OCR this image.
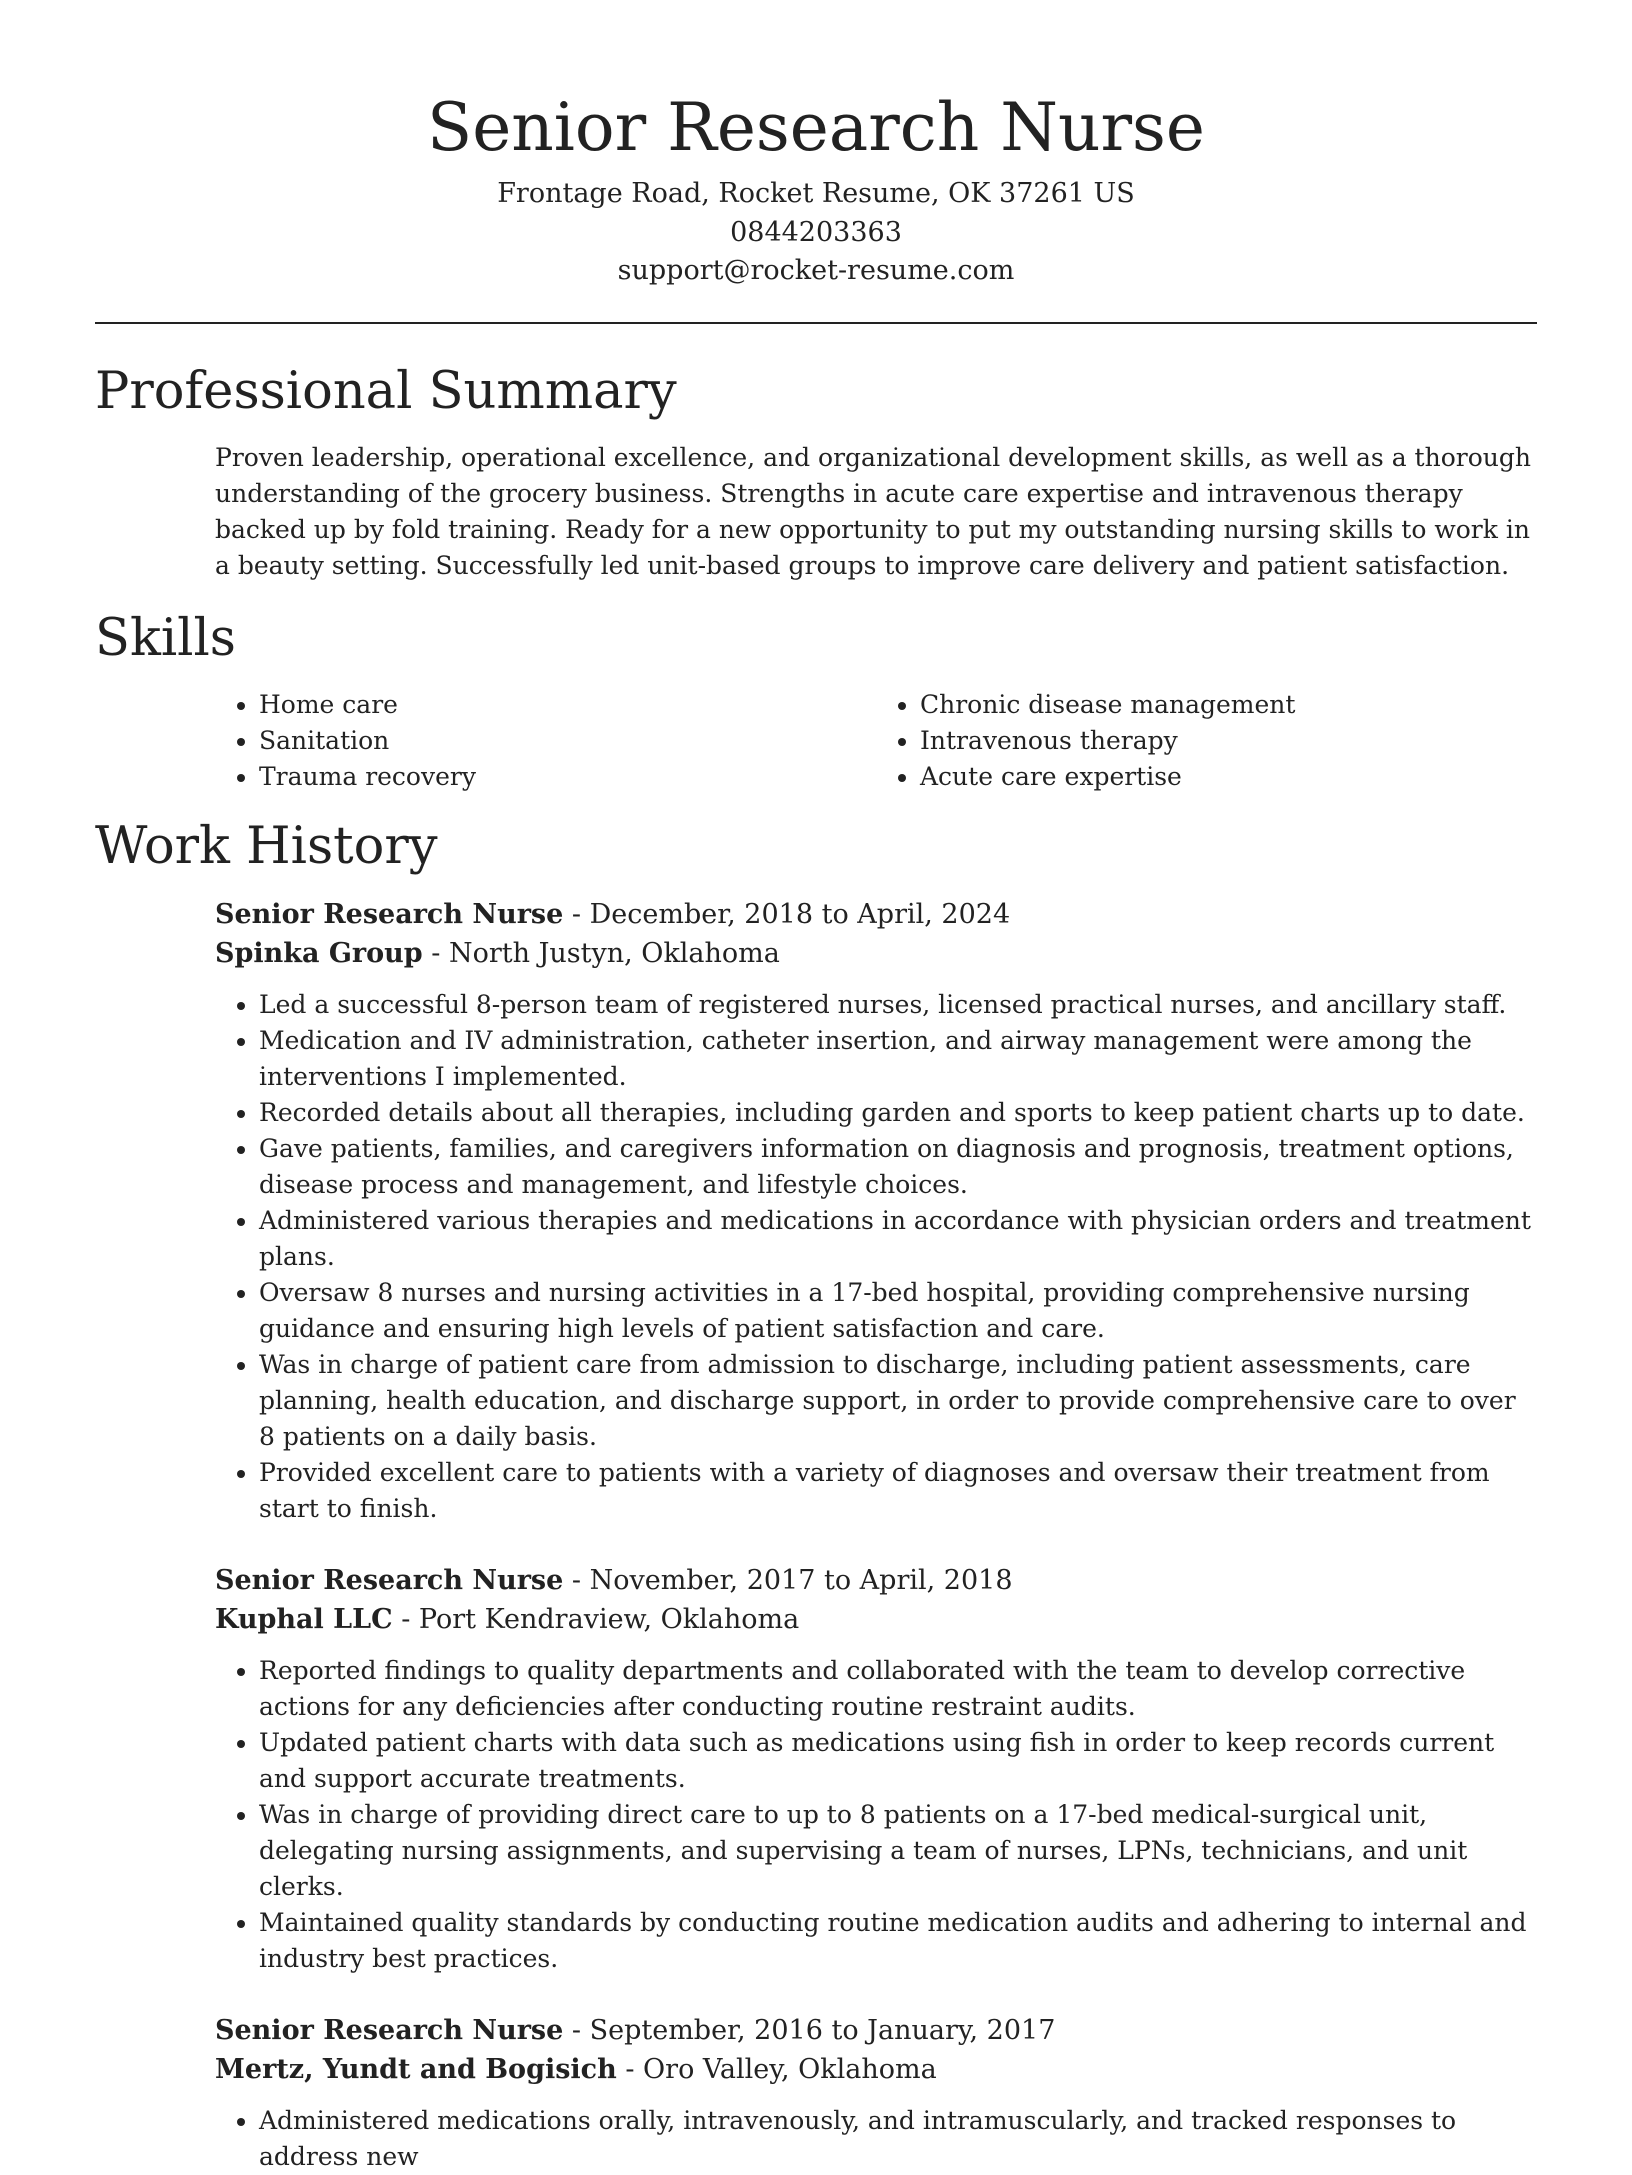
Senior Research Nurse
Frontage Road, Rocket Resume, OK 37261 US
0844203363
support@rocket-resume.com
Professional Summary

Proven leadership, operational excellence, and organizational development skills, as well as a thorough understanding of the grocery business. Strengths in acute care expertise and intravenous therapy backed up by fold training. Ready for a new opportunity to put my outstanding nursing skills to work in a beauty setting. Successfully led unit-based groups to improve care delivery and patient satisfaction.

Skills
• Home care
• Sanitation
• Trauma recovery
• Chronic disease management
• Intravenous therapy
• Acute care expertise
Work History
Senior Research Nurse - December, 2018 to April, 2024
Spinka Group - North Justyn, Oklahoma
• Led a successful 8-person team of registered nurses, licensed practical nurses, and ancillary staff.
• Medication and IV administration, catheter insertion, and airway management were among the interventions I implemented.
• Recorded details about all therapies, including garden and sports to keep patient charts up to date.
• Gave patients, families, and caregivers information on diagnosis and prognosis, treatment options, disease process and management, and lifestyle choices.
• Administered various therapies and medications in accordance with physician orders and treatment plans.
• Oversaw 8 nurses and nursing activities in a 17-bed hospital, providing comprehensive nursing guidance and ensuring high levels of patient satisfaction and care.
• Was in charge of patient care from admission to discharge, including patient assessments, care planning, health education, and discharge support, in order to provide comprehensive care to over 8 patients on a daily basis.
• Provided excellent care to patients with a variety of diagnoses and oversaw their treatment from start to finish.
Senior Research Nurse - November, 2017 to April, 2018
Kuphal LLC - Port Kendraview, Oklahoma
• Reported findings to quality departments and collaborated with the team to develop corrective actions for any deficiencies after conducting routine restraint audits.
• Updated patient charts with data such as medications using fish in order to keep records current and support accurate treatments.
• Was in charge of providing direct care to up to 8 patients on a 17-bed medical-surgical unit, delegating nursing assignments, and supervising a team of nurses, LPNs, technicians, and unit clerks.
• Maintained quality standards by conducting routine medication audits and adhering to internal and industry best practices.
Senior Research Nurse - September, 2016 to January, 2017
Mertz, Yundt and Bogisich - Oro Valley, Oklahoma
• Administered medications orally, intravenously, and intramuscularly, and tracked responses to address new
